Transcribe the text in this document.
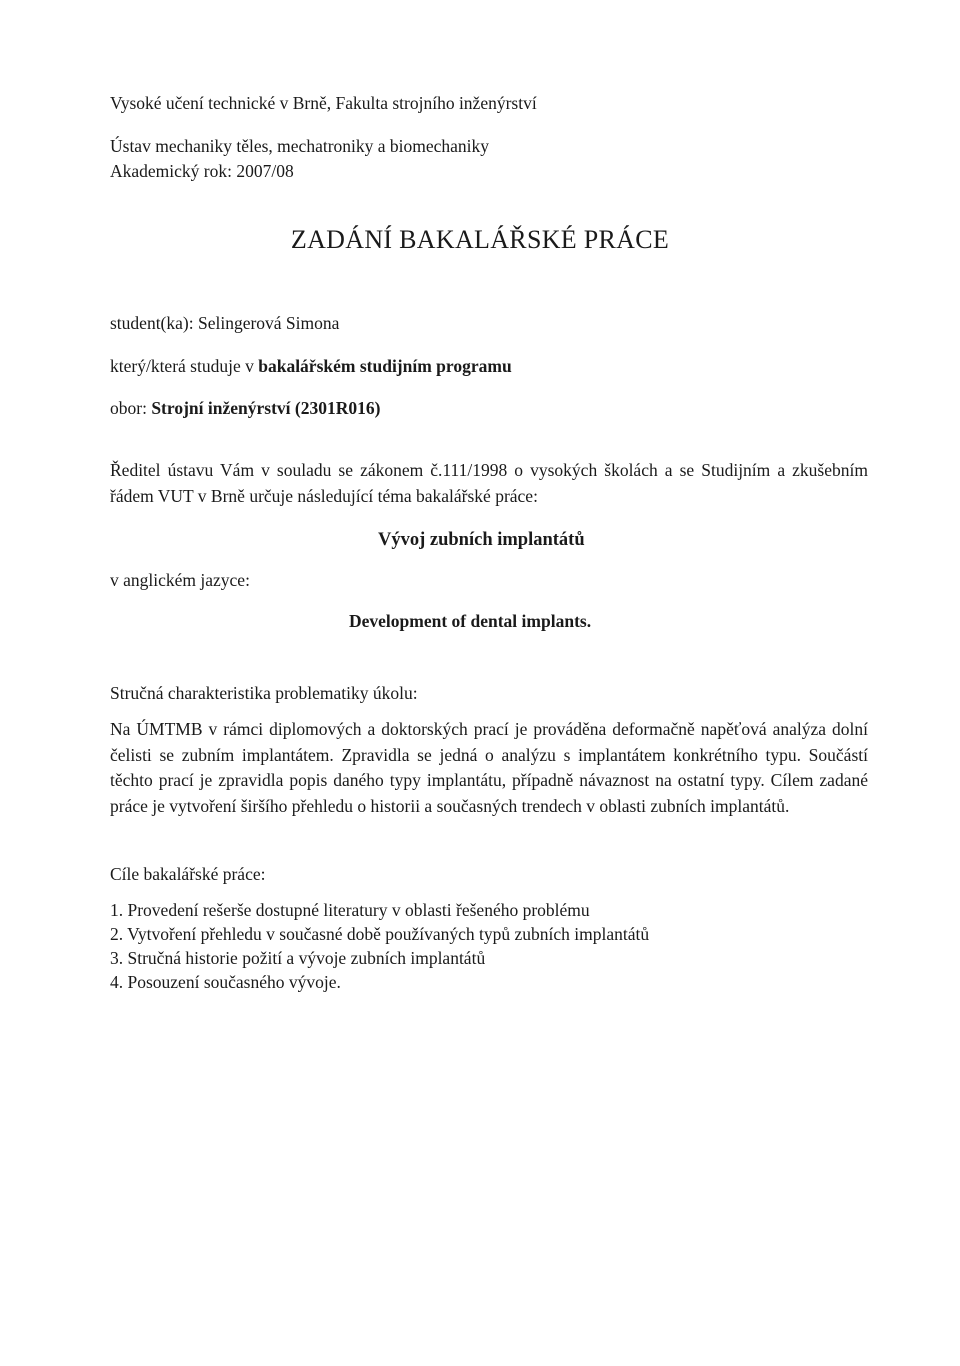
Vysoké učení technické v Brně, Fakulta strojního inženýrství
Ústav mechaniky těles, mechatroniky a biomechaniky
Akademický rok: 2007/08
ZADÁNÍ BAKALÁŘSKÉ PRÁCE
student(ka): Selingerová Simona
který/která studuje v bakalářském studijním programu
obor: Strojní inženýrství (2301R016)
Ředitel ústavu Vám v souladu se zákonem č.111/1998 o vysokých školách a se Studijním a zkušebním řádem VUT v Brně určuje následující téma bakalářské práce:
Vývoj zubních implantátů
v anglickém jazyce:
Development of dental implants.
Stručná charakteristika problematiky úkolu:
Na ÚMTMB v rámci diplomových a doktorských prací je prováděna deformačně napěťová analýza dolní čelisti se zubním implantátem. Zpravidla se jedná o analýzu s implantátem konkrétního typu. Součástí těchto prací je zpravidla popis daného typy implantátu, případně návaznost na ostatní typy. Cílem zadané práce je vytvoření širšího přehledu o historii a současných trendech v oblasti zubních implantátů.
Cíle bakalářské práce:
1. Provedení rešerše dostupné literatury v oblasti řešeného problému
2. Vytvoření přehledu v současné době používaných typů zubních implantátů
3. Stručná historie požití a vývoje zubních implantátů
4. Posouzení současného vývoje.
